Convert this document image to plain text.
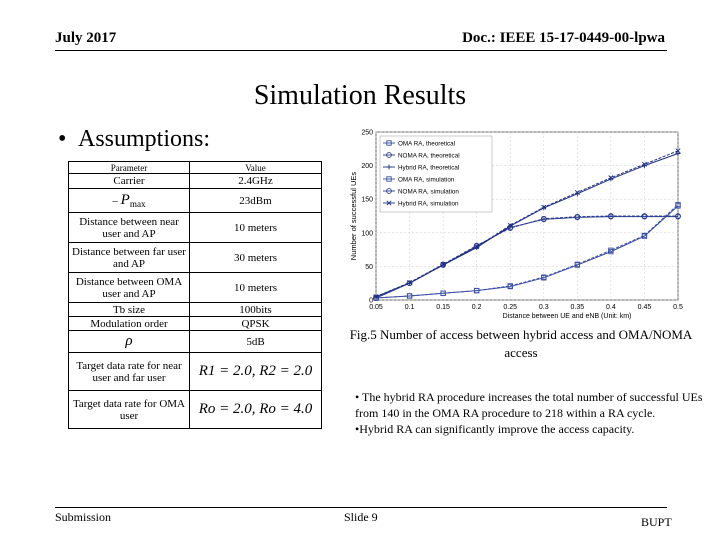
July 2017	Doc.: IEEE 15-17-0449-00-lpwa
Simulation Results
• Assumptions:
Parameter	Value
Carrier	2.4GHz
– $P_{max}$	23dBm
Distance between near user and AP	10 meters
Distance between far user and AP	30 meters
Distance between OMA user and AP	10 meters
Tb size	100bits
Modulation order	QPSK
ρ	5dB
Target data rate for near user and far user	R1 = 2.0, R2 = 2.0
Target data rate for OMA user	Ro = 2.0, Ro = 4.0
0.05	0.1	0.15	0.2	0.25	0.3	0.35	0.4	0.45	0.5
0
50
100
150
200
250
Distance between UE and eNB (Unit: km)
Number of successful UEs
OMA RA, theoretical
NOMA RA, theoretical
Hybrid RA, theoretical
OMA RA, simulation
NOMA RA, simulation
Hybrid RA, simulation
Fig.5 Number of access between hybrid access and OMA/NOMA access

• The hybrid RA procedure increases the total number of successful UEs from 140 in the OMA RA procedure to 218 within a RA cycle.

•Hybrid RA can significantly improve the access capacity.

Submission	Slide 9	BUPT
